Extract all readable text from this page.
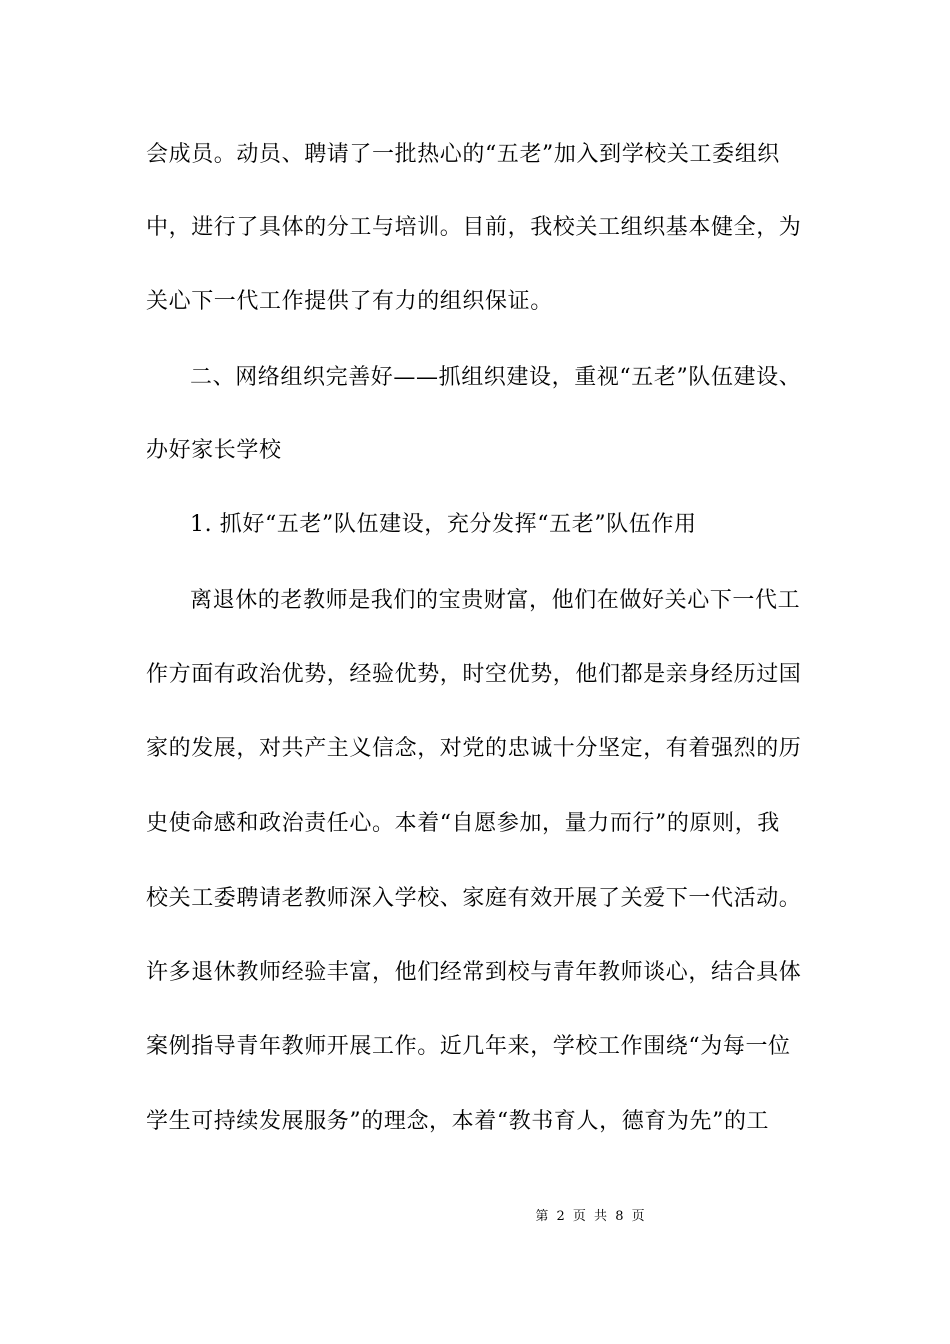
会成员。动员、聘请了一批热心的“五老”加入到学校关工委组织
中，进行了具体的分工与培训。目前，我校关工组织基本健全，为
关心下一代工作提供了有力的组织保证。
二、网络组织完善好——抓组织建设，重视“五老”队伍建设、
办好家长学校
1. 抓好“五老”队伍建设，充分发挥“五老”队伍作用
离退休的老教师是我们的宝贵财富，他们在做好关心下一代工
作方面有政治优势，经验优势，时空优势，他们都是亲身经历过国
家的发展，对共产主义信念，对党的忠诚十分坚定，有着强烈的历
史使命感和政治责任心。本着“自愿参加，量力而行”的原则，我
校关工委聘请老教师深入学校、家庭有效开展了关爱下一代活动。
许多退休教师经验丰富，他们经常到校与青年教师谈心，结合具体
案例指导青年教师开展工作。近几年来，学校工作围绕“为每一位
学生可持续发展服务”的理念，本着“教书育人，德育为先”的工
第 2 页 共 8 页
